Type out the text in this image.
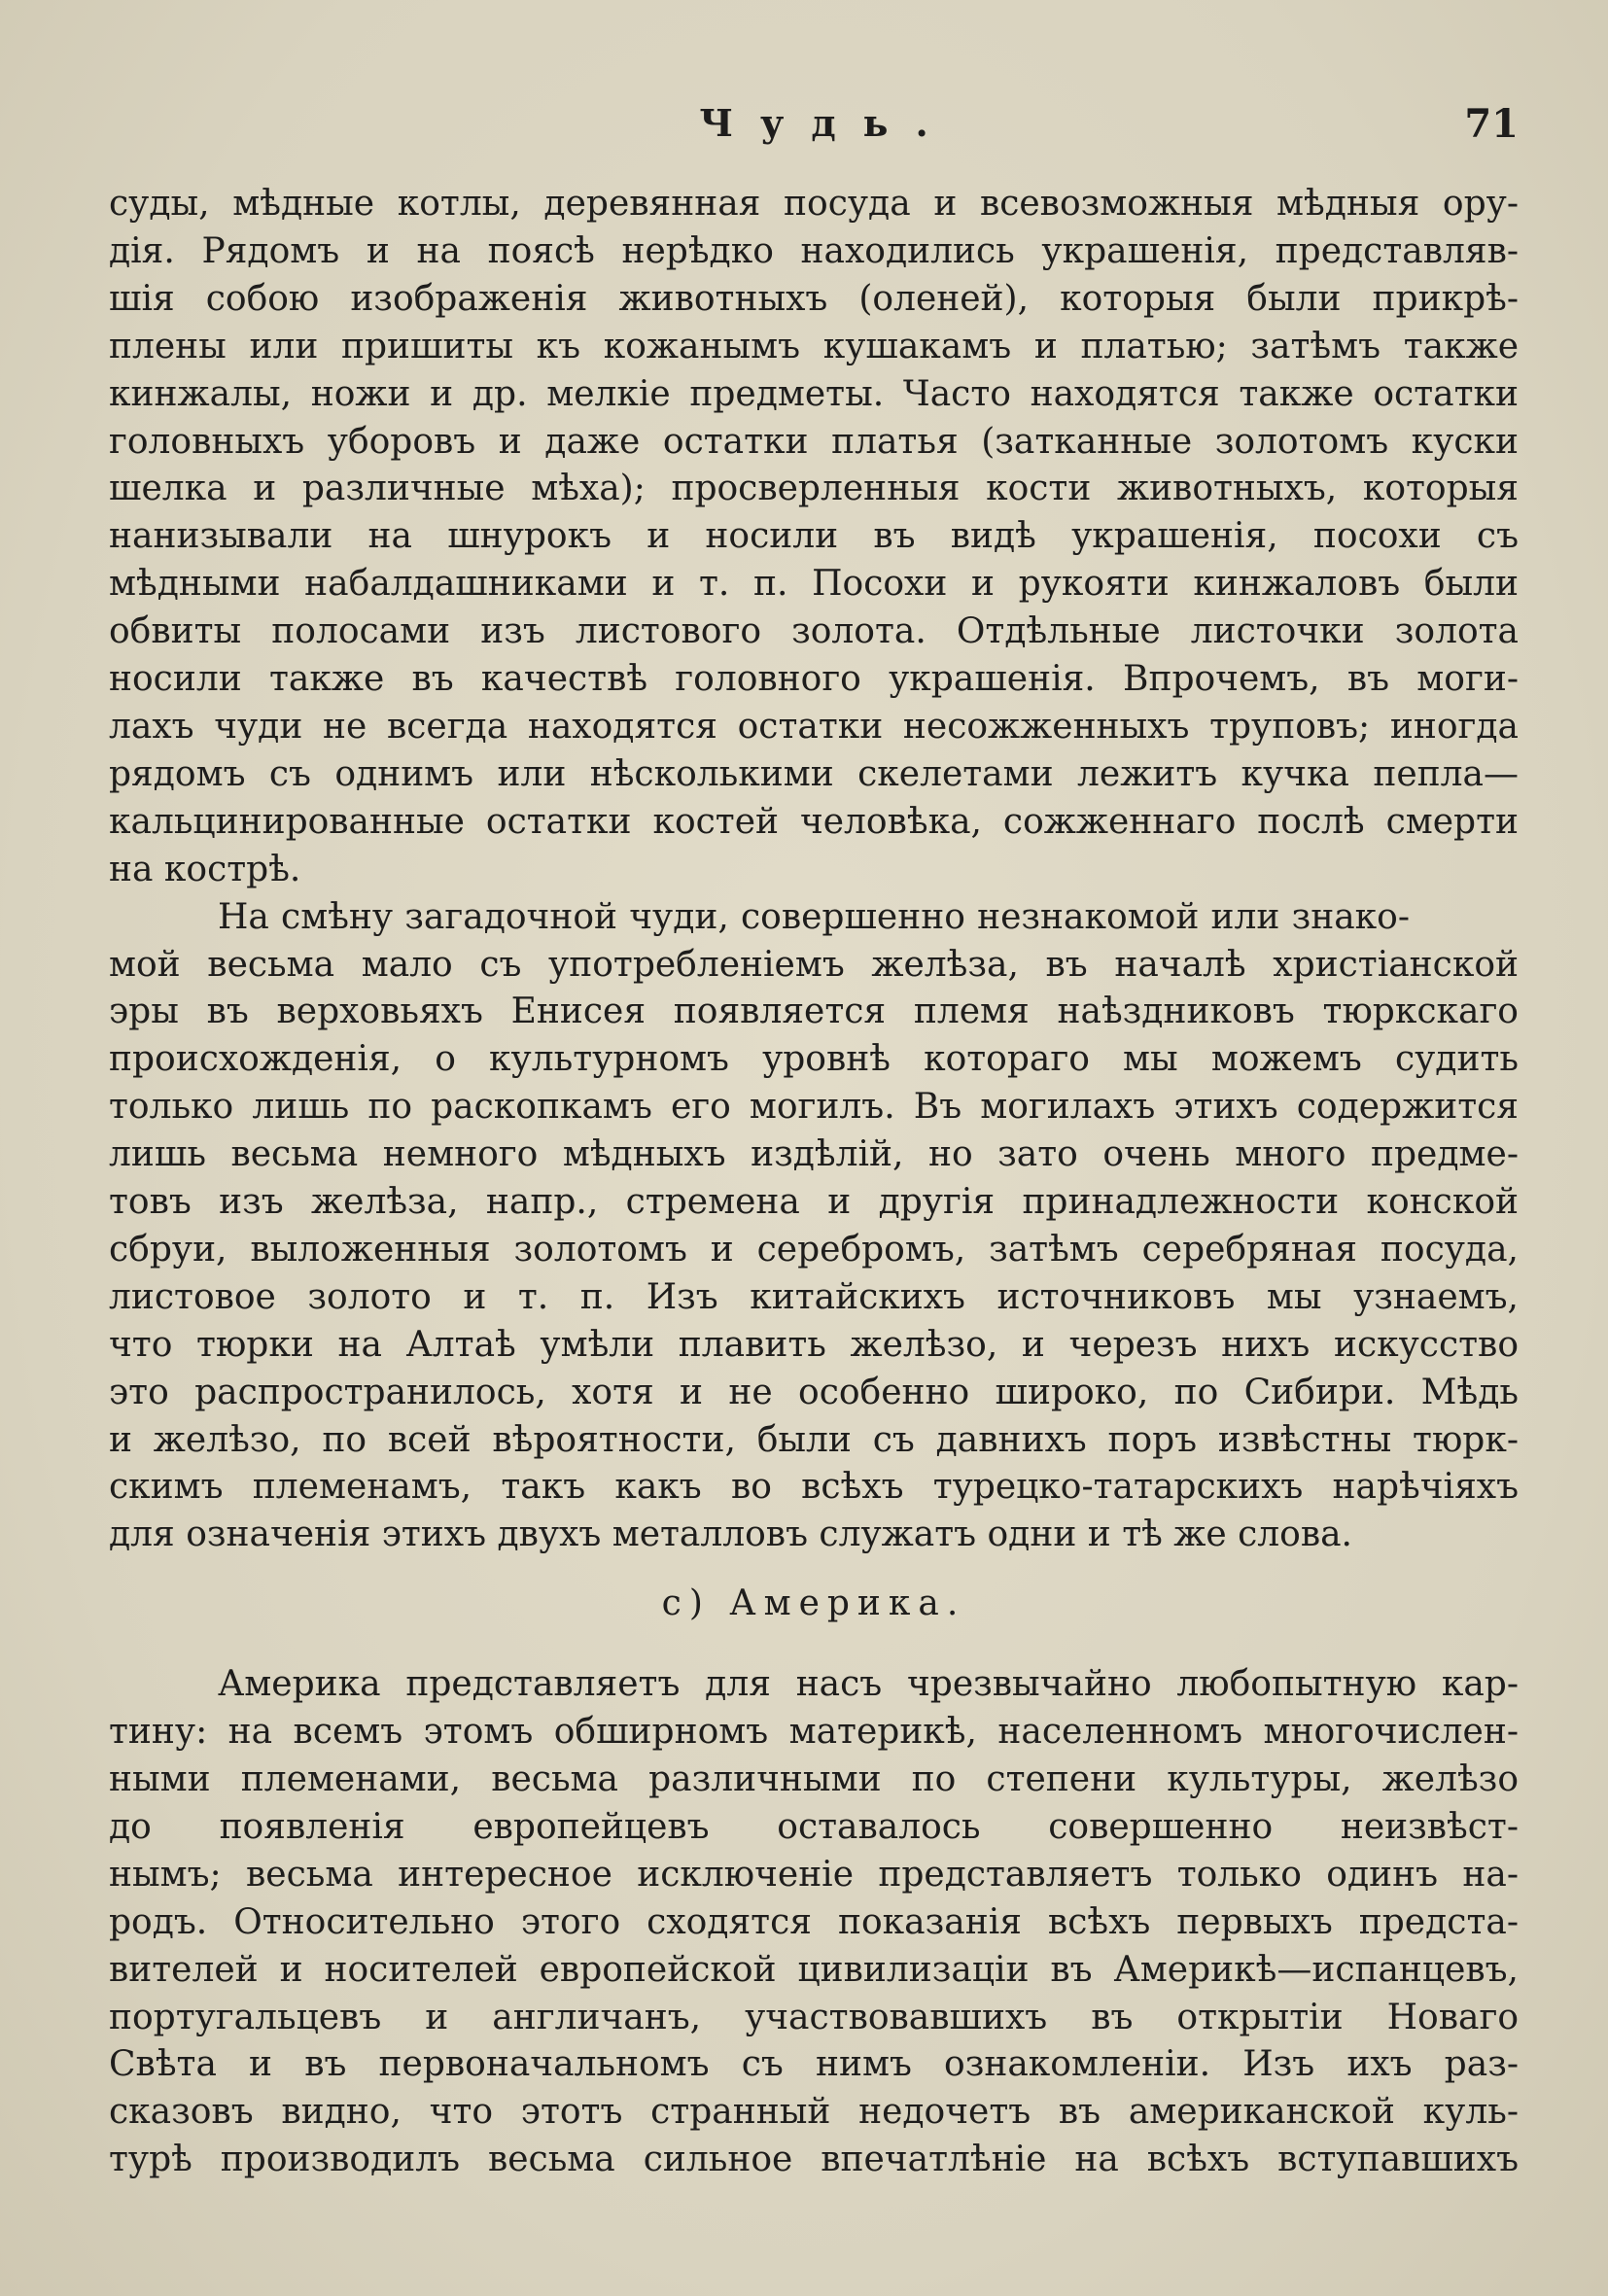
Чудь.	71
суды, мѣдные котлы, деревянная посуда и всевозможныя мѣдныя ору-
дія. Рядомъ и на поясѣ нерѣдко находились украшенія, представляв-
шія собою изображенія животныхъ (оленей), которыя были прикрѣ-
плены или пришиты къ кожанымъ кушакамъ и платью; затѣмъ также
кинжалы, ножи и др. мелкіе предметы. Часто находятся также остатки
головныхъ уборовъ и даже остатки платья (затканные золотомъ куски
шелка и различные мѣха); просверленныя кости животныхъ, которыя
нанизывали на шнурокъ и носили въ видѣ украшенія, посохи съ
мѣдными набалдашниками и т. п. Посохи и рукояти кинжаловъ были
обвиты полосами изъ листового золота. Отдѣльные листочки золота
носили также въ качествѣ головного украшенія. Впрочемъ, въ моги-
лахъ чуди не всегда находятся остатки несожженныхъ труповъ; иногда
рядомъ съ однимъ или нѣсколькими скелетами лежитъ кучка пепла—
кальцинированные остатки костей человѣка, сожженнаго послѣ смерти
на кострѣ.
На смѣну загадочной чуди, совершенно незнакомой или знако-
мой весьма мало съ употребленіемъ желѣза, въ началѣ христіанской
эры въ верховьяхъ Енисея появляется племя наѣздниковъ тюркскаго
происхожденія, о культурномъ уровнѣ котораго мы можемъ судить
только лишь по раскопкамъ его могилъ. Въ могилахъ этихъ содержится
лишь весьма немного мѣдныхъ издѣлій, но зато очень много предме-
товъ изъ желѣза, напр., стремена и другія принадлежности конской
сбруи, выложенныя золотомъ и серебромъ, затѣмъ серебряная посуда,
листовое золото и т. п. Изъ китайскихъ источниковъ мы узнаемъ,
что тюрки на Алтаѣ умѣли плавить желѣзо, и черезъ нихъ искусство
это распространилось, хотя и не особенно широко, по Сибири. Мѣдь
и желѣзо, по всей вѣроятности, были съ давнихъ поръ извѣстны тюрк-
скимъ племенамъ, такъ какъ во всѣхъ турецко-татарскихъ нарѣчіяхъ
для означенія этихъ двухъ металловъ служатъ одни и тѣ же слова.
с) Америка.
Америка представляетъ для насъ чрезвычайно любопытную кар-
тину: на всемъ этомъ обширномъ материкѣ, населенномъ многочислен-
ными племенами, весьма различными по степени культуры, желѣзо
до появленія европейцевъ оставалось совершенно неизвѣст-
нымъ; весьма интересное исключеніе представляетъ только одинъ на-
родъ. Относительно этого сходятся показанія всѣхъ первыхъ предста-
вителей и носителей европейской цивилизаціи въ Америкѣ—испанцевъ,
португальцевъ и англичанъ, участвовавшихъ въ открытіи Новаго
Свѣта и въ первоначальномъ съ нимъ ознакомленіи. Изъ ихъ раз-
сказовъ видно, что этотъ странный недочетъ въ американской куль-
турѣ производилъ весьма сильное впечатлѣніе на всѣхъ вступавшихъ
